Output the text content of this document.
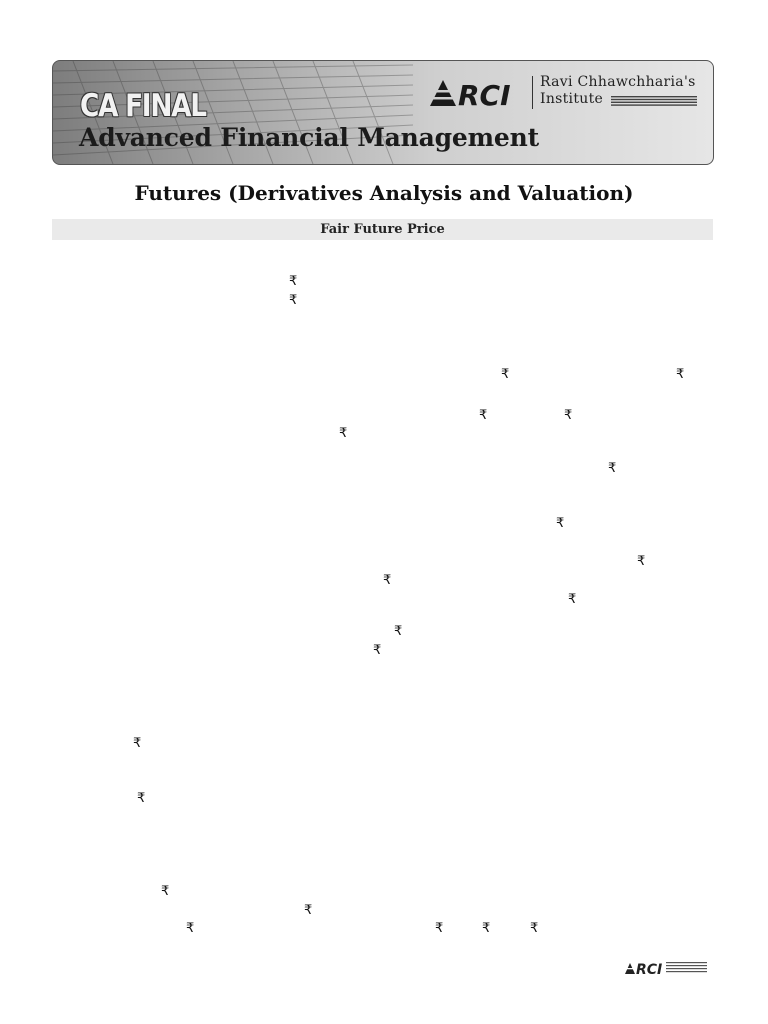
CA FINAL
Advanced Financial Management
RCI Ravi Chhawchharia's
Institute
Futures (Derivatives Analysis and Valuation)
Fair Future Price
₹
₹
₹	₹
₹	₹
₹
₹
₹
₹
₹
₹
₹
₹
₹
₹
₹
₹
₹	₹	₹	₹
RCI
